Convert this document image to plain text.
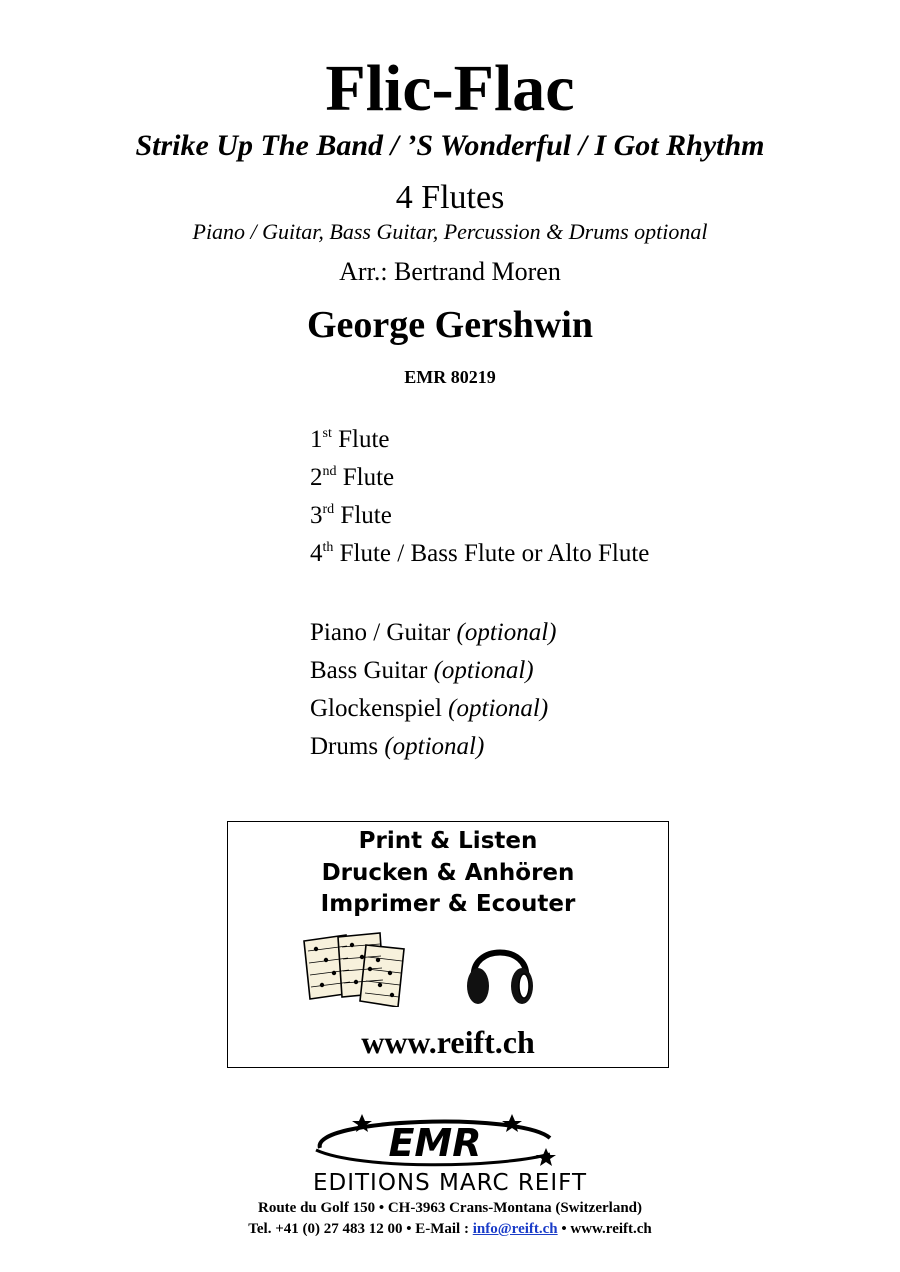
Flic-Flac
Strike Up The Band / ’S Wonderful / I Got Rhythm
4 Flutes
Piano / Guitar, Bass Guitar, Percussion & Drums optional
Arr.: Bertrand Moren
George Gershwin
EMR 80219
1st Flute
2nd Flute
3rd Flute
4th Flute / Bass Flute or Alto Flute
Piano / Guitar (optional)
Bass Guitar (optional)
Glockenspiel (optional)
Drums (optional)
Print & Listen
Drucken & Anhören
Imprimer & Ecouter
www.reift.ch
EMR
EDITIONS MARC REIFT
Route du Golf 150 • CH-3963 Crans-Montana (Switzerland)
Tel. +41 (0) 27 483 12 00 • E-Mail : info@reift.ch • www.reift.ch
